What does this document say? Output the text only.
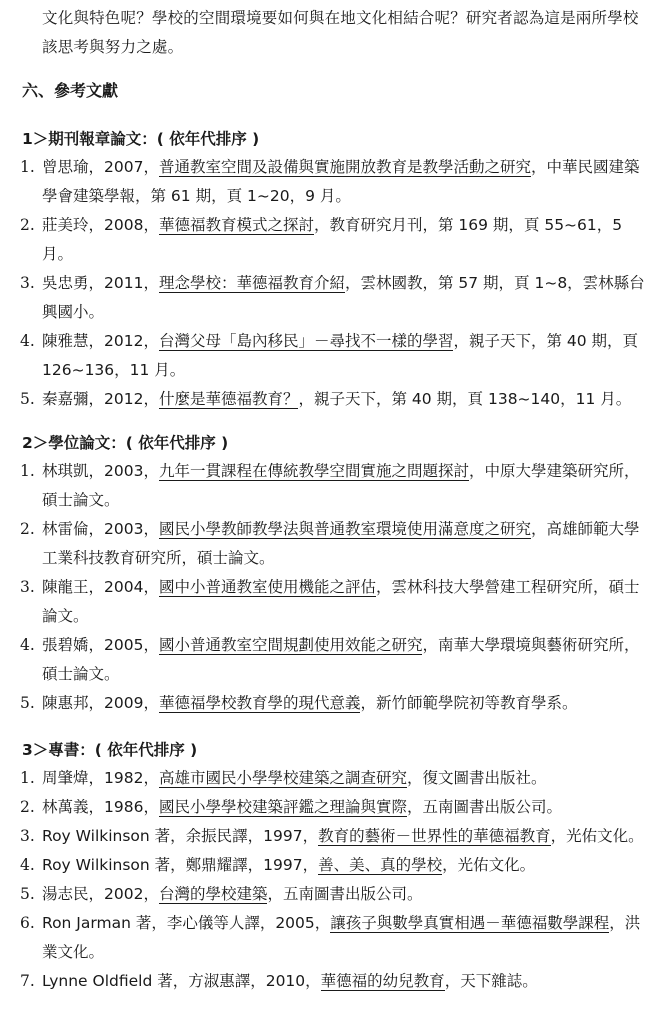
文化與特色呢？學校的空間環境要如何與在地文化相結合呢？研究者認為這是兩所學校該思考與努力之處。
六、參考文獻
1＞期刊報章論文：( 依年代排序 )
1. 曾思瑜，2007，普通教室空間及設備與實施開放教育是教學活動之研究，中華民國建築學會建築學報，第 61 期，頁 1~20，9 月。
2. 莊美玲，2008，華德福教育模式之探討，教育研究月刊，第 169 期，頁 55~61，5 月。
3. 吳忠勇，2011，理念學校：華德福教育介紹，雲林國教，第 57 期，頁 1~8，雲林縣台興國小。
4. 陳雅慧，2012，台灣父母「島內移民」－尋找不一樣的學習，親子天下，第 40 期，頁 126~136，11 月。
5. 秦嘉彌，2012，什麼是華德福教育？，親子天下，第 40 期，頁 138~140，11 月。
2＞學位論文：( 依年代排序 )
1. 林琪凱，2003，九年一貫課程在傳統教學空間實施之問題探討，中原大學建築研究所，碩士論文。
2. 林雷倫，2003，國民小學教師教學法與普通教室環境使用滿意度之研究，高雄師範大學工業科技教育研究所，碩士論文。
3. 陳龍王，2004，國中小普通教室使用機能之評估，雲林科技大學營建工程研究所，碩士論文。
4. 張碧嬌，2005，國小普通教室空間規劃使用效能之研究，南華大學環境與藝術研究所，碩士論文。
5. 陳惠邦，2009，華德福學校教育學的現代意義，新竹師範學院初等教育學系。
3＞專書：( 依年代排序 )
1. 周肇煒，1982，高雄市國民小學學校建築之調查研究，復文圖書出版社。
2. 林萬義，1986，國民小學學校建築評鑑之理論與實際，五南圖書出版公司。
3. Roy Wilkinson 著，余振民譯，1997，教育的藝術－世界性的華德福教育，光佑文化。
4. Roy Wilkinson 著，鄭鼎耀譯，1997，善、美、真的學校，光佑文化。
5. 湯志民，2002，台灣的學校建築，五南圖書出版公司。
6. Ron Jarman 著，李心儀等人譯，2005，讓孩子與數學真實相遇－華德福數學課程，洪業文化。
7. Lynne Oldfield 著，方淑惠譯，2010，華德福的幼兒教育，天下雜誌。
